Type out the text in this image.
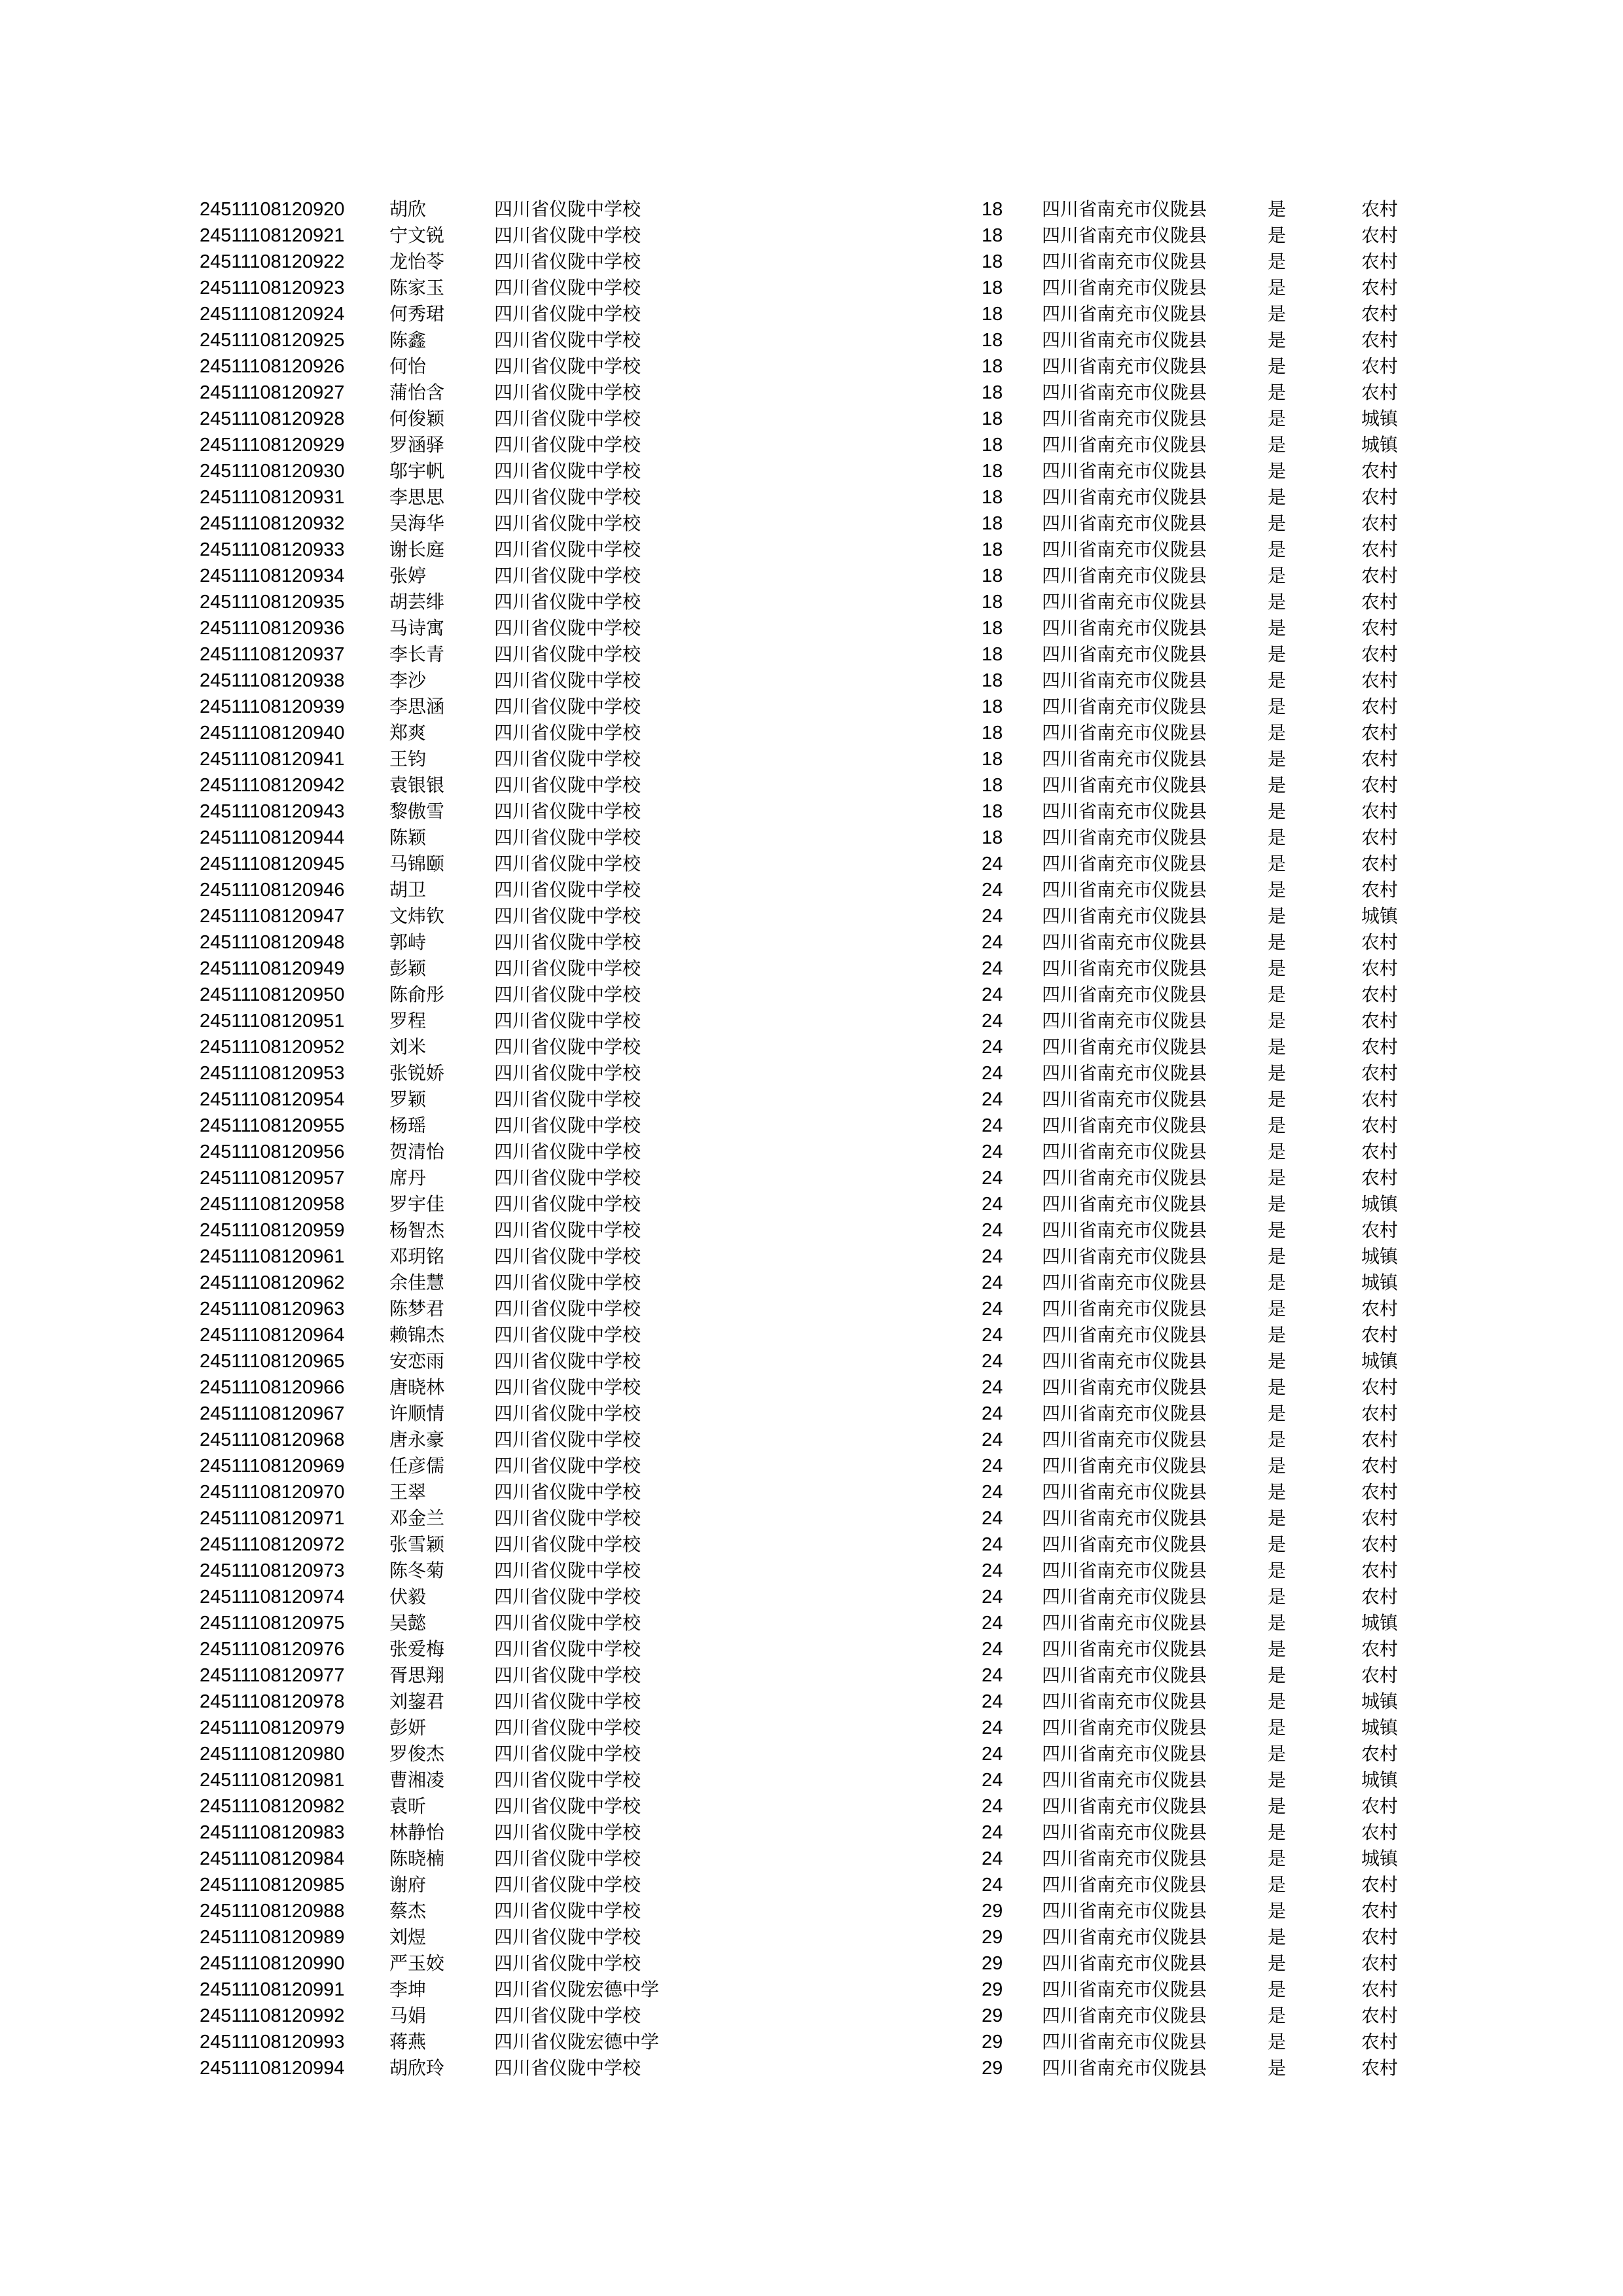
24511108120920 胡欣	四川省仪陇中学校	18 四川省南充市仪陇县	是	农村
24511108120921 宁文锐	四川省仪陇中学校	18 四川省南充市仪陇县	是	农村
24511108120922 龙怡苓	四川省仪陇中学校	18 四川省南充市仪陇县	是	农村
24511108120923 陈家玉	四川省仪陇中学校	18 四川省南充市仪陇县	是	农村
24511108120924 何秀珺	四川省仪陇中学校	18 四川省南充市仪陇县	是	农村
24511108120925 陈鑫	四川省仪陇中学校	18 四川省南充市仪陇县	是	农村
24511108120926 何怡	四川省仪陇中学校	18 四川省南充市仪陇县	是	农村
24511108120927 蒲怡含	四川省仪陇中学校	18 四川省南充市仪陇县	是	农村
24511108120928 何俊颖	四川省仪陇中学校	18 四川省南充市仪陇县	是	城镇
24511108120929 罗涵驿	四川省仪陇中学校	18 四川省南充市仪陇县	是	城镇
24511108120930 邬宇帆	四川省仪陇中学校	18 四川省南充市仪陇县	是	农村
24511108120931 李思思	四川省仪陇中学校	18 四川省南充市仪陇县	是	农村
24511108120932 吴海华	四川省仪陇中学校	18 四川省南充市仪陇县	是	农村
24511108120933 谢长庭	四川省仪陇中学校	18 四川省南充市仪陇县	是	农村
24511108120934 张婷	四川省仪陇中学校	18 四川省南充市仪陇县	是	农村
24511108120935 胡芸绯	四川省仪陇中学校	18 四川省南充市仪陇县	是	农村
24511108120936 马诗寓	四川省仪陇中学校	18 四川省南充市仪陇县	是	农村
24511108120937 李长青	四川省仪陇中学校	18 四川省南充市仪陇县	是	农村
24511108120938 李沙	四川省仪陇中学校	18 四川省南充市仪陇县	是	农村
24511108120939 李思涵	四川省仪陇中学校	18 四川省南充市仪陇县	是	农村
24511108120940 郑爽	四川省仪陇中学校	18 四川省南充市仪陇县	是	农村
24511108120941 王钧	四川省仪陇中学校	18 四川省南充市仪陇县	是	农村
24511108120942 袁银银	四川省仪陇中学校	18 四川省南充市仪陇县	是	农村
24511108120943 黎傲雪	四川省仪陇中学校	18 四川省南充市仪陇县	是	农村
24511108120944 陈颖	四川省仪陇中学校	18 四川省南充市仪陇县	是	农村
24511108120945 马锦颐	四川省仪陇中学校	24 四川省南充市仪陇县	是	农村
24511108120946 胡卫	四川省仪陇中学校	24 四川省南充市仪陇县	是	农村
24511108120947 文炜钦	四川省仪陇中学校	24 四川省南充市仪陇县	是	城镇
24511108120948 郭峙	四川省仪陇中学校	24 四川省南充市仪陇县	是	农村
24511108120949 彭颖	四川省仪陇中学校	24 四川省南充市仪陇县	是	农村
24511108120950 陈俞彤	四川省仪陇中学校	24 四川省南充市仪陇县	是	农村
24511108120951 罗程	四川省仪陇中学校	24 四川省南充市仪陇县	是	农村
24511108120952 刘米	四川省仪陇中学校	24 四川省南充市仪陇县	是	农村
24511108120953 张锐娇	四川省仪陇中学校	24 四川省南充市仪陇县	是	农村
24511108120954 罗颖	四川省仪陇中学校	24 四川省南充市仪陇县	是	农村
24511108120955 杨瑶	四川省仪陇中学校	24 四川省南充市仪陇县	是	农村
24511108120956 贺清怡	四川省仪陇中学校	24 四川省南充市仪陇县	是	农村
24511108120957 席丹	四川省仪陇中学校	24 四川省南充市仪陇县	是	农村
24511108120958 罗宇佳	四川省仪陇中学校	24 四川省南充市仪陇县	是	城镇
24511108120959 杨智杰	四川省仪陇中学校	24 四川省南充市仪陇县	是	农村
24511108120961 邓玥铭	四川省仪陇中学校	24 四川省南充市仪陇县	是	城镇
24511108120962 余佳慧	四川省仪陇中学校	24 四川省南充市仪陇县	是	城镇
24511108120963 陈梦君	四川省仪陇中学校	24 四川省南充市仪陇县	是	农村
24511108120964 赖锦杰	四川省仪陇中学校	24 四川省南充市仪陇县	是	农村
24511108120965 安恋雨	四川省仪陇中学校	24 四川省南充市仪陇县	是	城镇
24511108120966 唐晓林	四川省仪陇中学校	24 四川省南充市仪陇县	是	农村
24511108120967 许顺情	四川省仪陇中学校	24 四川省南充市仪陇县	是	农村
24511108120968 唐永豪	四川省仪陇中学校	24 四川省南充市仪陇县	是	农村
24511108120969 任彦儒	四川省仪陇中学校	24 四川省南充市仪陇县	是	农村
24511108120970 王翠	四川省仪陇中学校	24 四川省南充市仪陇县	是	农村
24511108120971 邓金兰	四川省仪陇中学校	24 四川省南充市仪陇县	是	农村
24511108120972 张雪颖	四川省仪陇中学校	24 四川省南充市仪陇县	是	农村
24511108120973 陈冬菊	四川省仪陇中学校	24 四川省南充市仪陇县	是	农村
24511108120974 伏毅	四川省仪陇中学校	24 四川省南充市仪陇县	是	农村
24511108120975 吴懿	四川省仪陇中学校	24 四川省南充市仪陇县	是	城镇
24511108120976 张爱梅	四川省仪陇中学校	24 四川省南充市仪陇县	是	农村
24511108120977 胥思翔	四川省仪陇中学校	24 四川省南充市仪陇县	是	农村
24511108120978 刘鋆君	四川省仪陇中学校	24 四川省南充市仪陇县	是	城镇
24511108120979 彭妍	四川省仪陇中学校	24 四川省南充市仪陇县	是	城镇
24511108120980 罗俊杰	四川省仪陇中学校	24 四川省南充市仪陇县	是	农村
24511108120981 曹湘凌	四川省仪陇中学校	24 四川省南充市仪陇县	是	城镇
24511108120982 袁昕	四川省仪陇中学校	24 四川省南充市仪陇县	是	农村
24511108120983 林静怡	四川省仪陇中学校	24 四川省南充市仪陇县	是	农村
24511108120984 陈晓楠	四川省仪陇中学校	24 四川省南充市仪陇县	是	城镇
24511108120985 谢府	四川省仪陇中学校	24 四川省南充市仪陇县	是	农村
24511108120988 蔡杰	四川省仪陇中学校	29 四川省南充市仪陇县	是	农村
24511108120989 刘煜	四川省仪陇中学校	29 四川省南充市仪陇县	是	农村
24511108120990 严玉姣	四川省仪陇中学校	29 四川省南充市仪陇县	是	农村
24511108120991 李坤	四川省仪陇宏德中学	29 四川省南充市仪陇县	是	农村
24511108120992 马娟	四川省仪陇中学校	29 四川省南充市仪陇县	是	农村
24511108120993 蒋燕	四川省仪陇宏德中学	29 四川省南充市仪陇县	是	农村
24511108120994 胡欣玲	四川省仪陇中学校	29 四川省南充市仪陇县	是	农村
